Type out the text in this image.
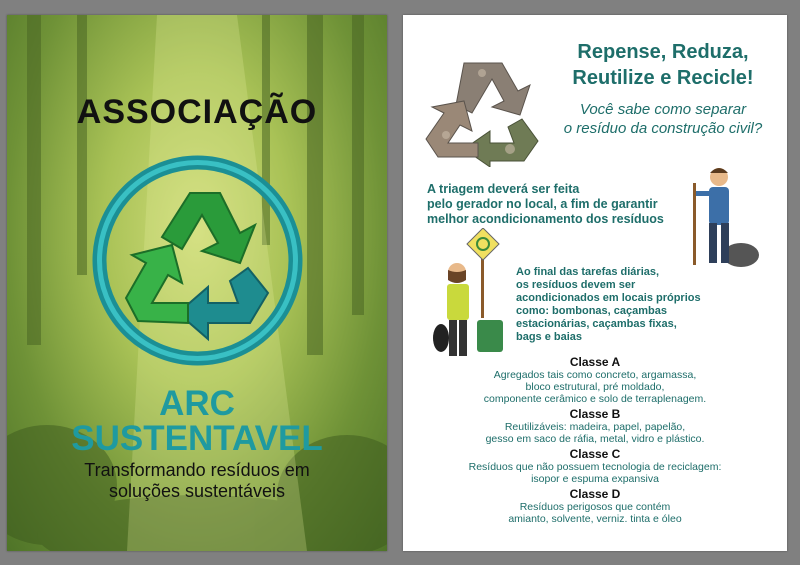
ASSOCIAÇÃO
ARC
SUSTENTAVEL
Transformando resíduos em
soluções sustentáveis
Repense, Reduza,
Reutilize e Recicle!
Você sabe como separar
o resíduo da construção civil?
A triagem deverá ser feita
pelo gerador no local, a fim de garantir
melhor acondicionamento dos resíduos
Ao final das tarefas diárias,
os resíduos devem ser
acondicionados em locais próprios
como: bombonas, caçambas
estacionárias, caçambas fixas,
bags e baias
Classe A
Agregados tais como concreto, argamassa,
bloco estrutural, pré moldado,
componente cerâmico e solo de terraplenagem.
Classe B
Reutilizáveis: madeira, papel, papelão,
gesso em saco de ráfia, metal, vidro e plástico.
Classe C
Resíduos que não possuem tecnologia de reciclagem:
isopor e espuma expansiva
Classe D
Resíduos perigosos que contém
amianto, solvente, verniz. tinta e óleo
